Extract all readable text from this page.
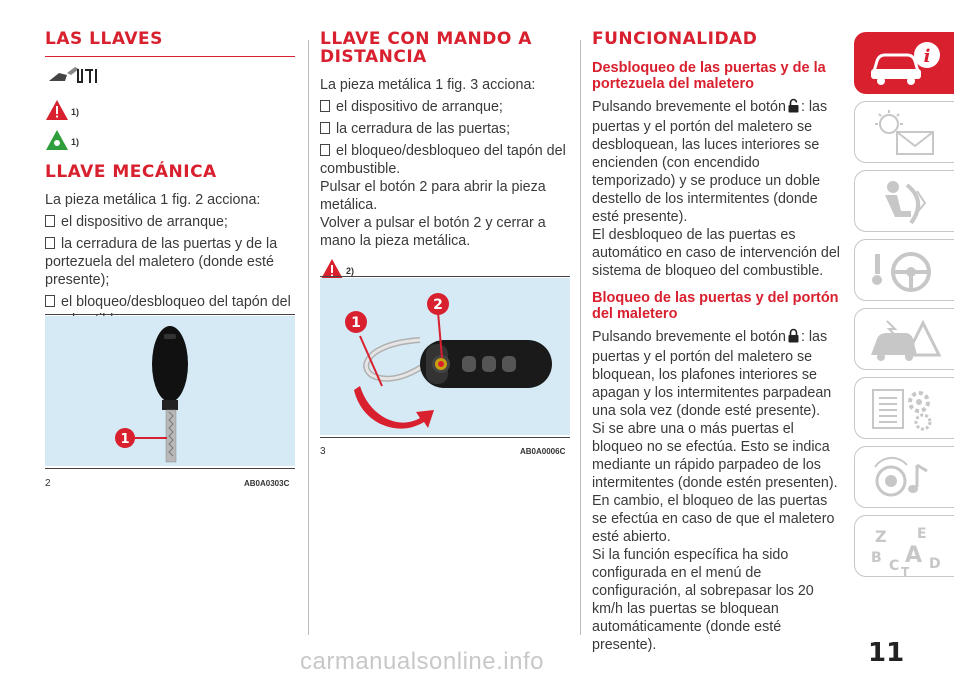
LAS LLAVES
1)
1)
LLAVE MECÁNICA

La pieza metálica 1 fig. 2 acciona:

el dispositivo de arranque;
la cerradura de las puertas y de la portezuela del maletero (donde esté presente);
el bloqueo/desbloqueo del tapón del
1
2	AB0A0303C
LLAVE CON MANDO A DISTANCIA

La pieza metálica 1 fig. 3 acciona:

el dispositivo de arranque;
la cerradura de las puertas;
el bloqueo/desbloqueo del tapón del combustible.

Pulsar el botón 2 para abrir la pieza metálica.

Volver a pulsar el botón 2 y cerrar a mano la pieza metálica.

2)
1
2
3	AB0A0006C
FUNCIONALIDAD
Desbloqueo de las puertas y de la portezuela del maletero

Pulsando brevemente el botón : las puertas y el portón del maletero se desbloquean, las luces interiores se encienden (con encendido temporizado) y se produce un doble destello de los intermitentes (donde esté presente).

El desbloqueo de las puertas es automático en caso de intervención del sistema de bloqueo del combustible.

Bloqueo de las puertas y del portón del maletero

Pulsando brevemente el botón : las puertas y el portón del maletero se bloquean, los plafones interiores se apagan y los intermitentes parpadean una sola vez (donde esté presente).

Si se abre una o más puertas el bloqueo no se efectúa. Esto se indica mediante un rápido parpadeo de los intermitentes (donde estén presenten).

En cambio, el bloqueo de las puertas se efectúa en caso de que el maletero esté abierto.

Si la función específica ha sido configurada en el menú de configuración, al sobrepasar los 20 km/h las puertas se bloquean automáticamente (donde esté presente).

i
Z E
B A
C D
T
11
carmanualsonline.info
